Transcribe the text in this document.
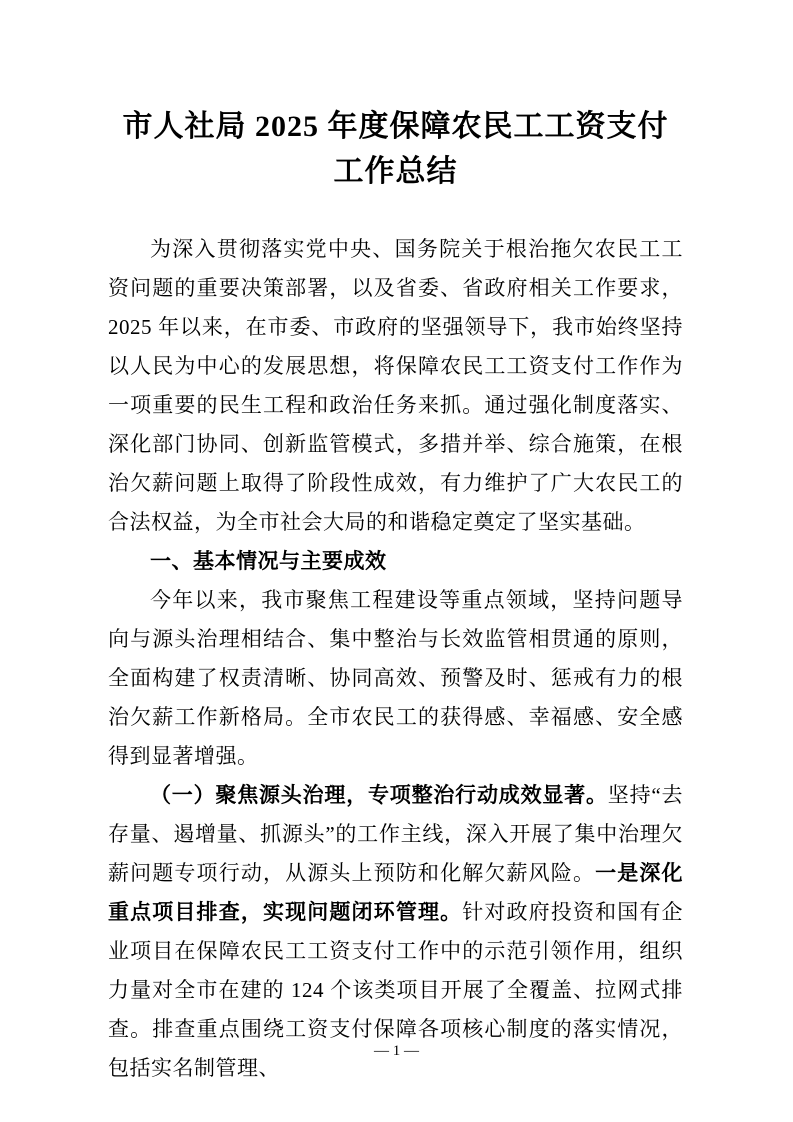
市人社局 2025 年度保障农民工工资支付
工作总结

为深入贯彻落实党中央、国务院关于根治拖欠农民工工资问题的重要决策部署，以及省委、省政府相关工作要求，2025 年以来，在市委、市政府的坚强领导下，我市始终坚持以人民为中心的发展思想，将保障农民工工资支付工作作为一项重要的民生工程和政治任务来抓。通过强化制度落实、深化部门协同、创新监管模式，多措并举、综合施策，在根治欠薪问题上取得了阶段性成效，有力维护了广大农民工的合法权益，为全市社会大局的和谐稳定奠定了坚实基础。

一、基本情况与主要成效

今年以来，我市聚焦工程建设等重点领域，坚持问题导向与源头治理相结合、集中整治与长效监管相贯通的原则，全面构建了权责清晰、协同高效、预警及时、惩戒有力的根治欠薪工作新格局。全市农民工的获得感、幸福感、安全感得到显著增强。

（一）聚焦源头治理，专项整治行动成效显著。坚持“去存量、遏增量、抓源头”的工作主线，深入开展了集中治理欠薪问题专项行动，从源头上预防和化解欠薪风险。一是深化重点项目排查，实现问题闭环管理。针对政府投资和国有企业项目在保障农民工工资支付工作中的示范引领作用，组织力量对全市在建的 124 个该类项目开展了全覆盖、拉网式排查。排查重点围绕工资支付保障各项核心制度的落实情况，包括实名制管理、

— 1 —
